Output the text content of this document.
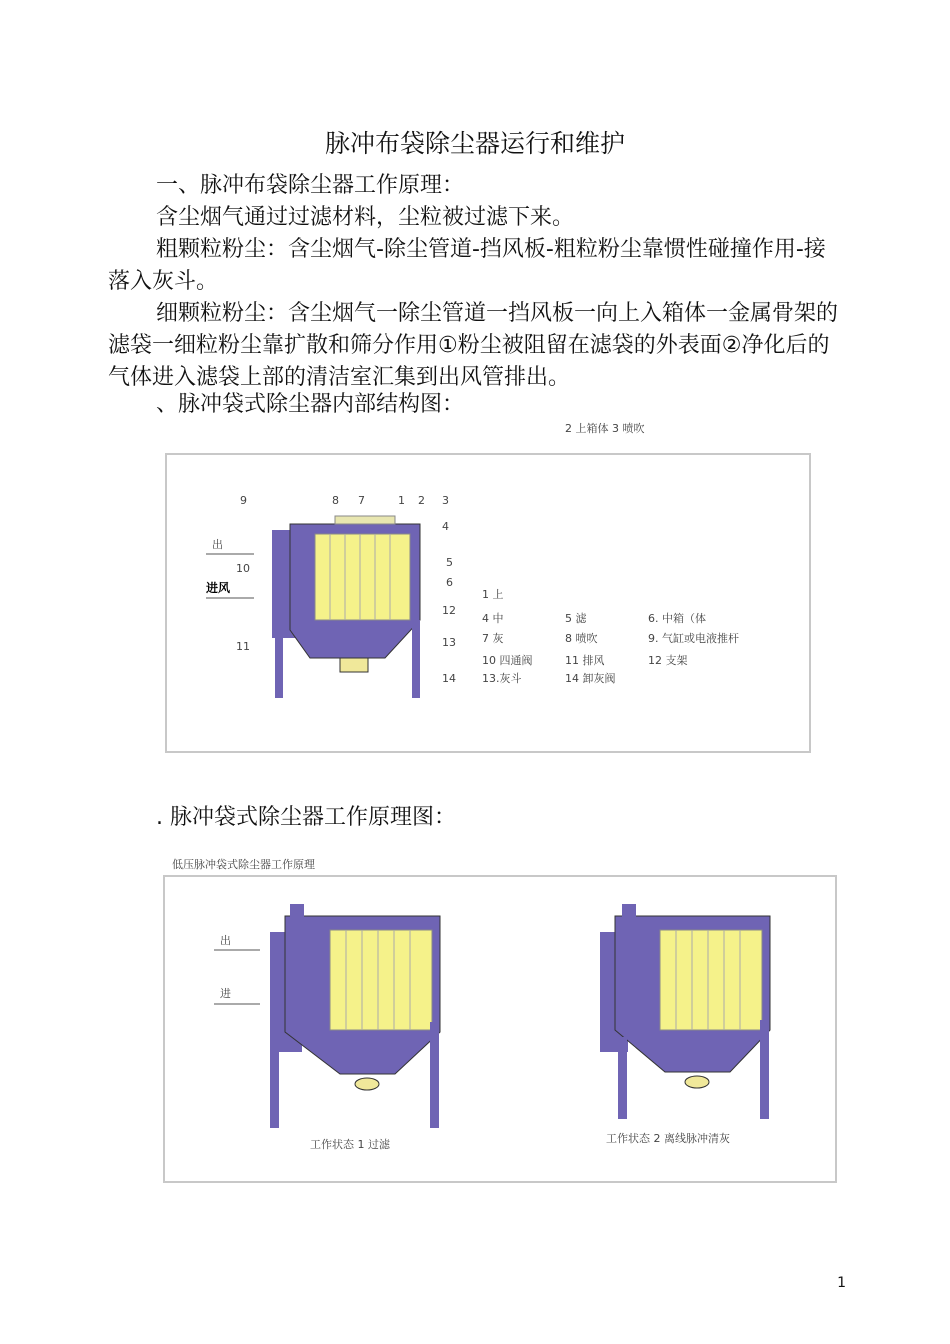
脉冲布袋除尘器运行和维护

一、脉冲布袋除尘器工作原理：

含尘烟气通过过滤材料，尘粒被过滤下来。

粗颗粒粉尘：含尘烟气-除尘管道-挡风板-粗粒粉尘靠惯性碰撞作用-接落入灰斗。

细颗粒粉尘：含尘烟气一除尘管道一挡风板一向上入箱体一金属骨架的滤袋一细粒粉尘靠扩散和筛分作用①粉尘被阻留在滤袋的外表面②净化后的气体进入滤袋上部的清洁室汇集到出风管排出。

、脉冲袋式除尘器内部结构图：

2 上箱体 3 喷吹
进风
出
9	8 7	1 2 3
4
5
6
12
13
14
10
11
1 上
5 滤	6. 中箱（体
4 中
7 灰	8 喷吹	9. 气缸或电液推杆
10 四通阀	11 排风	12 支架
13.灰斗	14 卸灰阀

. 脉冲袋式除尘器工作原理图：

低压脉冲袋式除尘器工作原理
出
进
工作状态 1 过滤	工作状态 2 离线脉冲清灰
1
